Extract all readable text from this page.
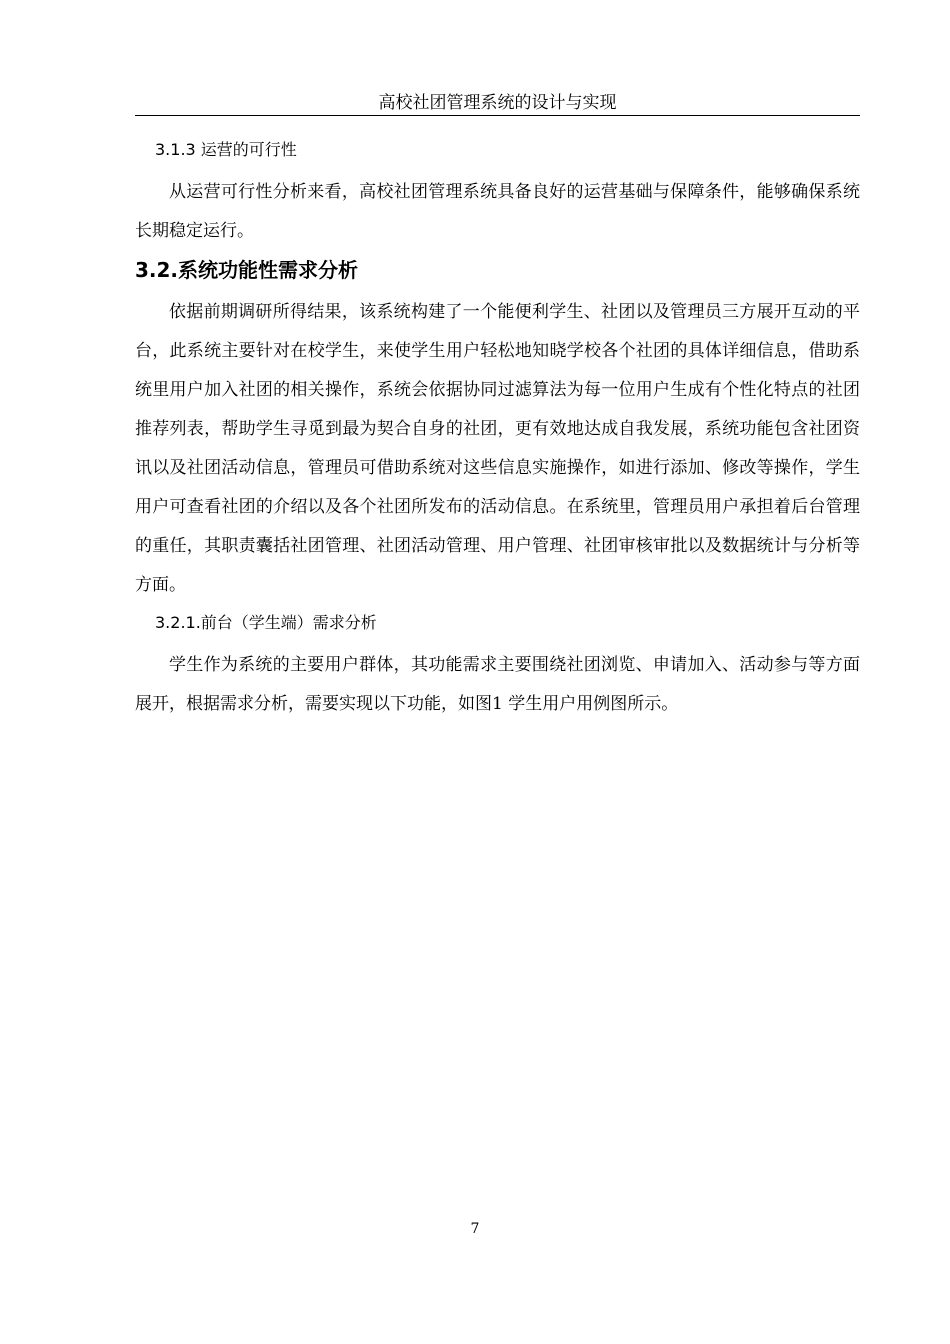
高校社团管理系统的设计与实现
3.1.3 运营的可行性

从运营可行性分析来看，高校社团管理系统具备良好的运营基础与保障条件，能够确保系统长期稳定运行。

3.2.系统功能性需求分析

依据前期调研所得结果，该系统构建了一个能便利学生、社团以及管理员三方展开互动的平台，此系统主要针对在校学生，来使学生用户轻松地知晓学校各个社团的具体详细信息，借助系统里用户加入社团的相关操作，系统会依据协同过滤算法为每一位用户生成有个性化特点的社团推荐列表，帮助学生寻觅到最为契合自身的社团，更有效地达成自我发展，系统功能包含社团资讯以及社团活动信息，管理员可借助系统对这些信息实施操作，如进行添加、修改等操作，学生用户可查看社团的介绍以及各个社团所发布的活动信息。在系统里，管理员用户承担着后台管理的重任，其职责囊括社团管理、社团活动管理、用户管理、社团审核审批以及数据统计与分析等方面。

3.2.1.前台（学生端）需求分析

学生作为系统的主要用户群体，其功能需求主要围绕社团浏览、申请加入、活动参与等方面展开，根据需求分析，需要实现以下功能，如图1 学生用户用例图所示。

7
